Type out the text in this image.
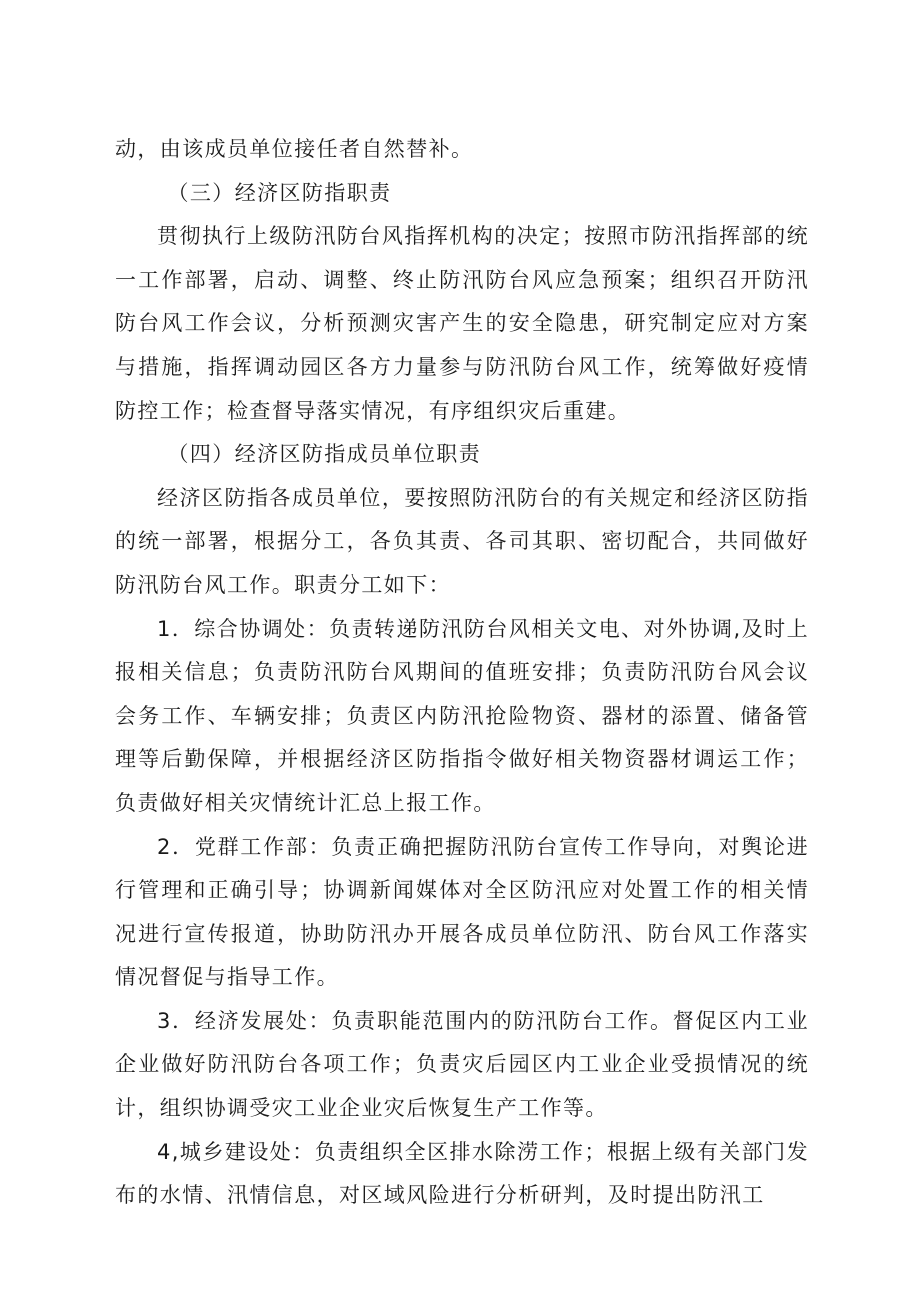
动，由该成员单位接任者自然替补。

（三）经济区防指职责

贯彻执行上级防汛防台风指挥机构的决定；按照市防汛指挥部的统一工作部署，启动、调整、终止防汛防台风应急预案；组织召开防汛防台风工作会议，分析预测灾害产生的安全隐患，研究制定应对方案与措施，指挥调动园区各方力量参与防汛防台风工作，统筹做好疫情防控工作；检查督导落实情况，有序组织灾后重建。

（四）经济区防指成员单位职责

经济区防指各成员单位，要按照防汛防台的有关规定和经济区防指的统一部署，根据分工，各负其责、各司其职、密切配合，共同做好防汛防台风工作。职责分工如下：

1．综合协调处：负责转递防汛防台风相关文电、对外协调,及时上报相关信息；负责防汛防台风期间的值班安排；负责防汛防台风会议会务工作、车辆安排；负责区内防汛抢险物资、器材的添置、储备管理等后勤保障，并根据经济区防指指令做好相关物资器材调运工作；负责做好相关灾情统计汇总上报工作。

2．党群工作部：负责正确把握防汛防台宣传工作导向，对舆论进行管理和正确引导；协调新闻媒体对全区防汛应对处置工作的相关情况进行宣传报道，协助防汛办开展各成员单位防汛、防台风工作落实情况督促与指导工作。

3．经济发展处：负责职能范围内的防汛防台工作。督促区内工业企业做好防汛防台各项工作；负责灾后园区内工业企业受损情况的统计，组织协调受灾工业企业灾后恢复生产工作等。

4,城乡建设处：负责组织全区排水除涝工作；根据上级有关部门发布的水情、汛情信息，对区域风险进行分析研判，及时提出防汛工
